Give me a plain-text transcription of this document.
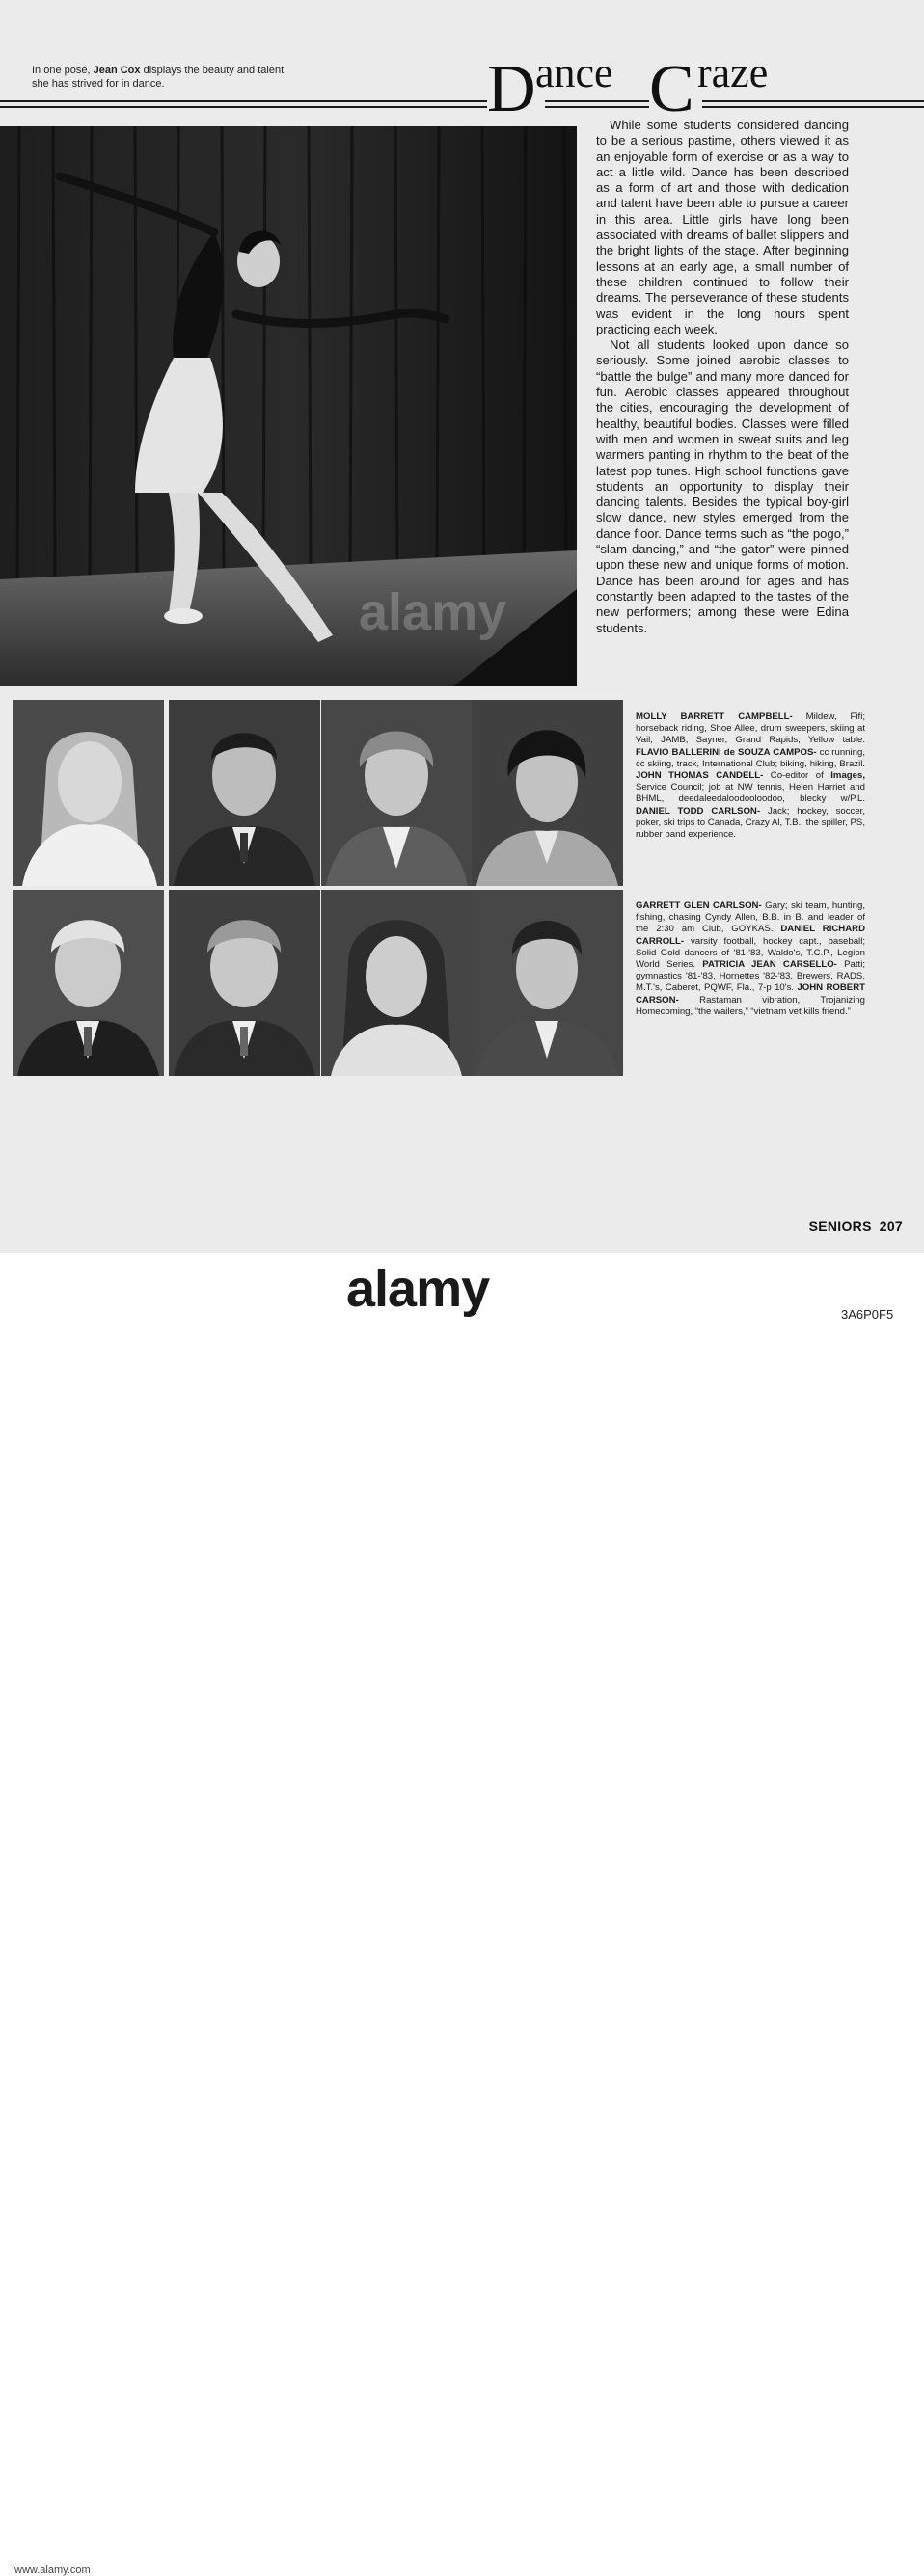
In one pose, Jean Cox displays the beauty and talent she has strived for in dance.	D ance C raze

While some students considered dancing to be a serious pastime, others viewed it as an enjoyable form of exercise or as a way to act a little wild. Dance has been described as a form of art and those with dedication and talent have been able to pursue a career in this area. Little girls have long been associated with dreams of ballet slippers and the bright lights of the stage. After beginning lessons at an early age, a small number of these children continued to follow their dreams. The perseverance of these students was evident in the long hours spent practicing each week.

Not all students looked upon dance so seriously. Some joined aerobic classes to “battle the bulge” and many more danced for fun. Aerobic classes appeared throughout the cities, encouraging the development of healthy, beautiful bodies. Classes were filled with men and women in sweat suits and leg warmers panting in rhythm to the beat of the latest pop tunes. High school functions gave students an opportunity to display their dancing talents. Besides the typical boy-girl slow dance, new styles emerged from the dance floor. Dance terms such as “the pogo,” “slam dancing,” and “the gator” were pinned upon these new and unique forms of motion. Dance has been around for ages and has constantly been adapted to the tastes of the new performers; among these were Edina students.

MOLLY BARRETT CAMPBELL- Mildew, Fifi; horseback riding, Shoe Allee, drum sweepers, skiing at Vail, JAMB, Sayner, Grand Rapids, Yellow table. FLAVIO BALLERINI de SOUZA CAMPOS- cc running, cc skiing, track, International Club; biking, hiking, Brazil. JOHN THOMAS CANDELL- Co-editor of Images, Service Council; job at NW tennis, Helen Harriet and BHML, deedaleedaloodooloodoo, blecky w/P.L. DANIEL TODD CARLSON- Jack; hockey, soccer, poker, ski trips to Canada, Crazy Al, T.B., the spiller, PS, rubber band experience.

GARRETT GLEN CARLSON- Gary; ski team, hunting, fishing, chasing Cyndy Allen, B.B. in B. and leader of the 2:30 am Club, GOYKAS. DANIEL RICHARD CARROLL- varsity football, hockey capt., baseball; Solid Gold dancers of '81-'83, Waldo's, T.C.P., Legion World Series. PATRICIA JEAN CARSELLO- Patti; gymnastics '81-'83, Hornettes '82-'83, Brewers, RADS, M.T.'s, Caberet, PQWF, Fla., 7-p 10's. JOHN ROBERT CARSON- Rastaman vibration, Trojanizing Homecoming, “the wailers,” “vietnam vet kills friend.”

SENIORS 207
alamy
www.alamy.com
alamy	3A6P0F5
